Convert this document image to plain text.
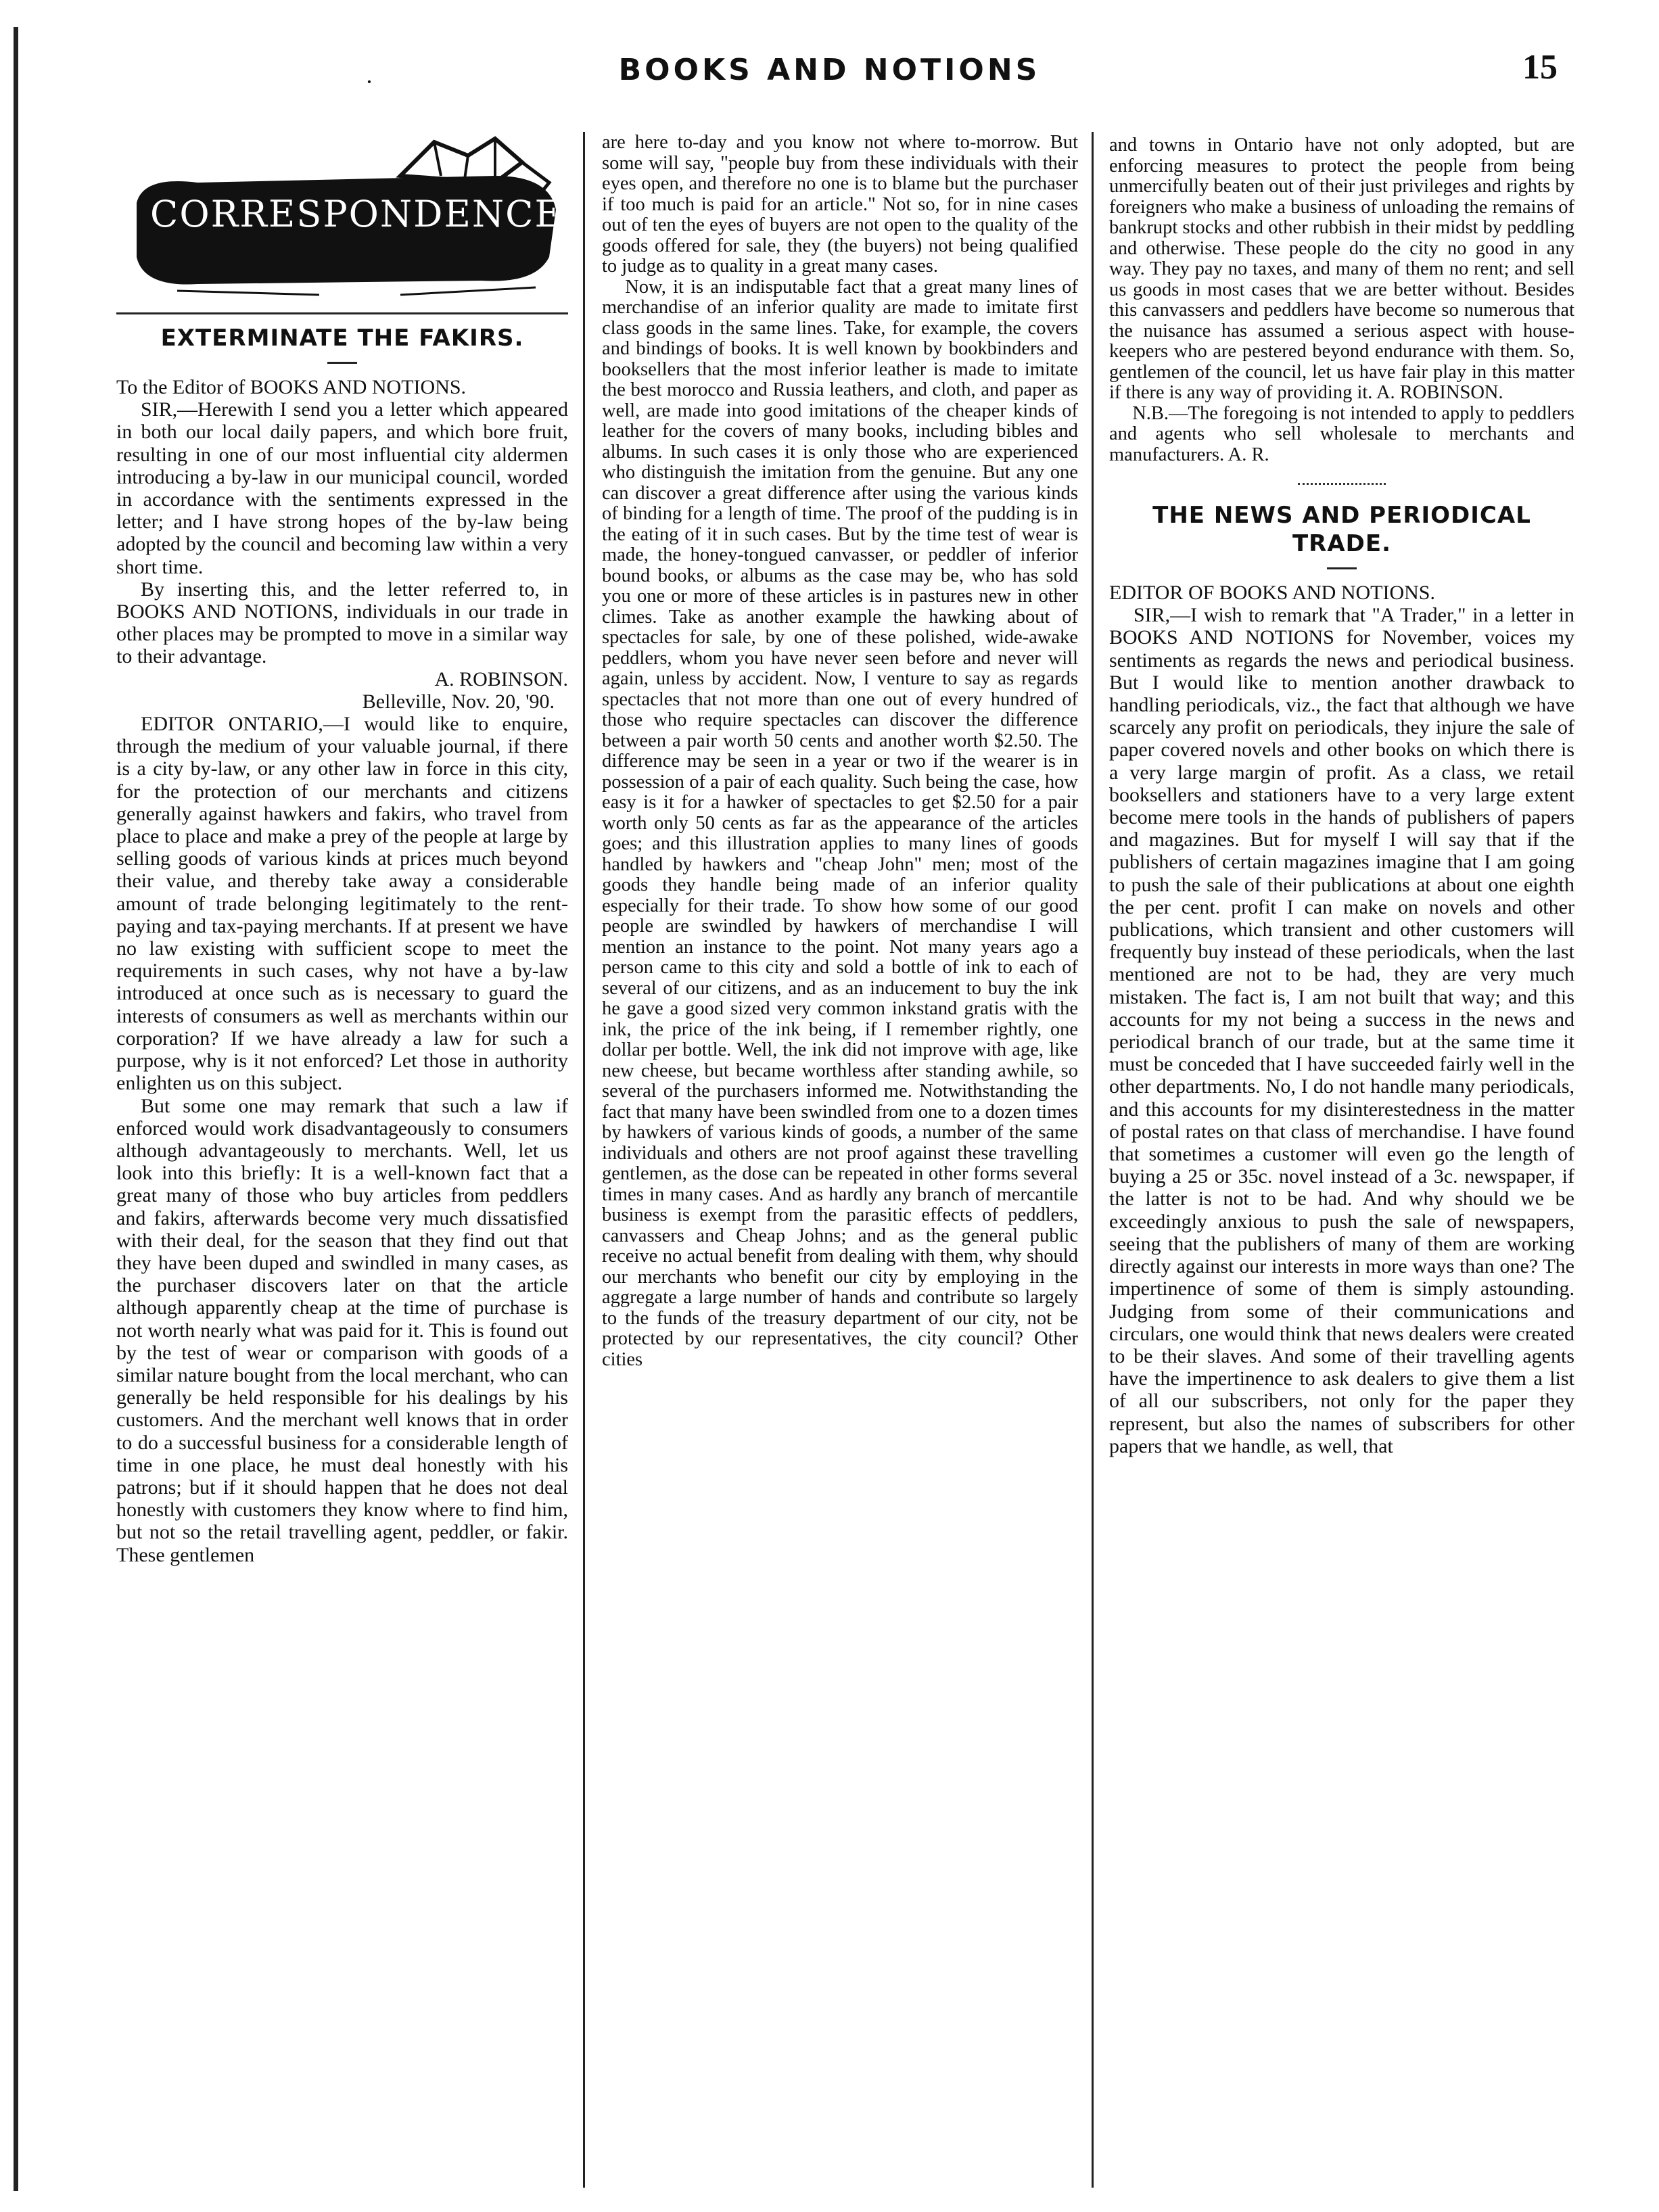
·	BOOKS AND NOTIONS	15
CORRESPONDENCE
EXTERMINATE THE FAKIRS.

To the Editor of BOOKS AND NOTIONS.

SIR,—Herewith I send you a letter which appeared in both our local daily papers, and which bore fruit, resulting in one of our most influential city aldermen introducing a by-law in our municipal council, worded in accordance with the sentiments expressed in the letter; and I have strong hopes of the by-law being adopted by the council and becoming law within a very short time.

By inserting this, and the letter referred to, in BOOKS AND NOTIONS, individuals in our trade in other places may be prompted to move in a similar way to their advantage.

A. ROBINSON.

Belleville, Nov. 20, '90.

EDITOR ONTARIO,—I would like to enquire, through the medium of your valuable journal, if there is a city by-law, or any other law in force in this city, for the protection of our merchants and citizens generally against hawkers and fakirs, who travel from place to place and make a prey of the people at large by selling goods of various kinds at prices much beyond their value, and thereby take away a considerable amount of trade belonging legitimately to the rent-paying and tax-paying merchants. If at present we have no law existing with sufficient scope to meet the requirements in such cases, why not have a by-law introduced at once such as is necessary to guard the interests of consumers as well as merchants within our corporation? If we have already a law for such a purpose, why is it not enforced? Let those in authority enlighten us on this subject.

But some one may remark that such a law if enforced would work disadvantageously to consumers although advantageously to merchants. Well, let us look into this briefly: It is a well-known fact that a great many of those who buy articles from peddlers and fakirs, afterwards become very much dissatisfied with their deal, for the season that they find out that they have been duped and swindled in many cases, as the purchaser discovers later on that the article although apparently cheap at the time of purchase is not worth nearly what was paid for it. This is found out by the test of wear or comparison with goods of a similar nature bought from the local merchant, who can generally be held responsible for his dealings by his customers. And the merchant well knows that in order to do a successful business for a considerable length of time in one place, he must deal honestly with his patrons; but if it should happen that he does not deal honestly with customers they know where to find him, but not so the retail travelling agent, peddler, or fakir. These gentlemen

are here to-day and you know not where to-morrow. But some will say, "people buy from these individuals with their eyes open, and therefore no one is to blame but the purchaser if too much is paid for an article." Not so, for in nine cases out of ten the eyes of buyers are not open to the quality of the goods offered for sale, they (the buyers) not being qualified to judge as to quality in a great many cases.

Now, it is an indisputable fact that a great many lines of merchandise of an inferior quality are made to imitate first class goods in the same lines. Take, for example, the covers and bindings of books. It is well known by bookbinders and booksellers that the most inferior leather is made to imitate the best morocco and Russia leathers, and cloth, and paper as well, are made into good imitations of the cheaper kinds of leather for the covers of many books, including bibles and albums. In such cases it is only those who are experienced who distinguish the imitation from the genuine. But any one can discover a great difference after using the various kinds of binding for a length of time. The proof of the pudding is in the eating of it in such cases. But by the time test of wear is made, the honey-tongued canvasser, or peddler of inferior bound books, or albums as the case may be, who has sold you one or more of these articles is in pastures new in other climes. Take as another example the hawking about of spectacles for sale, by one of these polished, wide-awake peddlers, whom you have never seen before and never will again, unless by accident. Now, I venture to say as regards spectacles that not more than one out of every hundred of those who require spectacles can discover the difference between a pair worth 50 cents and another worth $2.50. The difference may be seen in a year or two if the wearer is in possession of a pair of each quality. Such being the case, how easy is it for a hawker of spectacles to get $2.50 for a pair worth only 50 cents as far as the appearance of the articles goes; and this illustration applies to many lines of goods handled by hawkers and "cheap John" men; most of the goods they handle being made of an inferior quality especially for their trade. To show how some of our good people are swindled by hawkers of merchandise I will mention an instance to the point. Not many years ago a person came to this city and sold a bottle of ink to each of several of our citizens, and as an inducement to buy the ink he gave a good sized very common inkstand gratis with the ink, the price of the ink being, if I remember rightly, one dollar per bottle. Well, the ink did not improve with age, like new cheese, but became worthless after standing awhile, so several of the purchasers informed me. Notwithstanding the fact that many have been swindled from one to a dozen times by hawkers of various kinds of goods, a number of the same individuals and others are not proof against these travelling gentlemen, as the dose can be repeated in other forms several times in many cases. And as hardly any branch of mercantile business is exempt from the parasitic effects of peddlers, canvassers and Cheap Johns; and as the general public receive no actual benefit from dealing with them, why should our merchants who benefit our city by employing in the aggregate a large number of hands and contribute so largely to the funds of the treasury department of our city, not be protected by our representatives, the city council? Other cities

and towns in Ontario have not only adopted, but are enforcing measures to protect the people from being unmercifully beaten out of their just privileges and rights by foreigners who make a business of unloading the remains of bankrupt stocks and other rubbish in their midst by peddling and otherwise. These people do the city no good in any way. They pay no taxes, and many of them no rent; and sell us goods in most cases that we are better without. Besides this canvassers and peddlers have become so numerous that the nuisance has assumed a serious aspect with house-keepers who are pestered beyond endurance with them. So, gentlemen of the council, let us have fair play in this matter if there is any way of providing it. A. ROBINSON.

N.B.—The foregoing is not intended to apply to peddlers and agents who sell wholesale to merchants and manufacturers. A. R.

THE NEWS AND PERIODICAL TRADE.

EDITOR OF BOOKS AND NOTIONS.

SIR,—I wish to remark that "A Trader," in a letter in BOOKS AND NOTIONS for November, voices my sentiments as regards the news and periodical business. But I would like to mention another drawback to handling periodicals, viz., the fact that although we have scarcely any profit on periodicals, they injure the sale of paper covered novels and other books on which there is a very large margin of profit. As a class, we retail booksellers and stationers have to a very large extent become mere tools in the hands of publishers of papers and magazines. But for myself I will say that if the publishers of certain magazines imagine that I am going to push the sale of their publications at about one eighth the per cent. profit I can make on novels and other publications, which transient and other customers will frequently buy instead of these periodicals, when the last mentioned are not to be had, they are very much mistaken. The fact is, I am not built that way; and this accounts for my not being a success in the news and periodical branch of our trade, but at the same time it must be conceded that I have succeeded fairly well in the other departments. No, I do not handle many periodicals, and this accounts for my disinterestedness in the matter of postal rates on that class of merchandise. I have found that sometimes a customer will even go the length of buying a 25 or 35c. novel instead of a 3c. newspaper, if the latter is not to be had. And why should we be exceedingly anxious to push the sale of newspapers, seeing that the publishers of many of them are working directly against our interests in more ways than one? The impertinence of some of them is simply astounding. Judging from some of their communications and circulars, one would think that news dealers were created to be their slaves. And some of their travelling agents have the impertinence to ask dealers to give them a list of all our subscribers, not only for the paper they represent, but also the names of subscribers for other papers that we handle, as well, that
